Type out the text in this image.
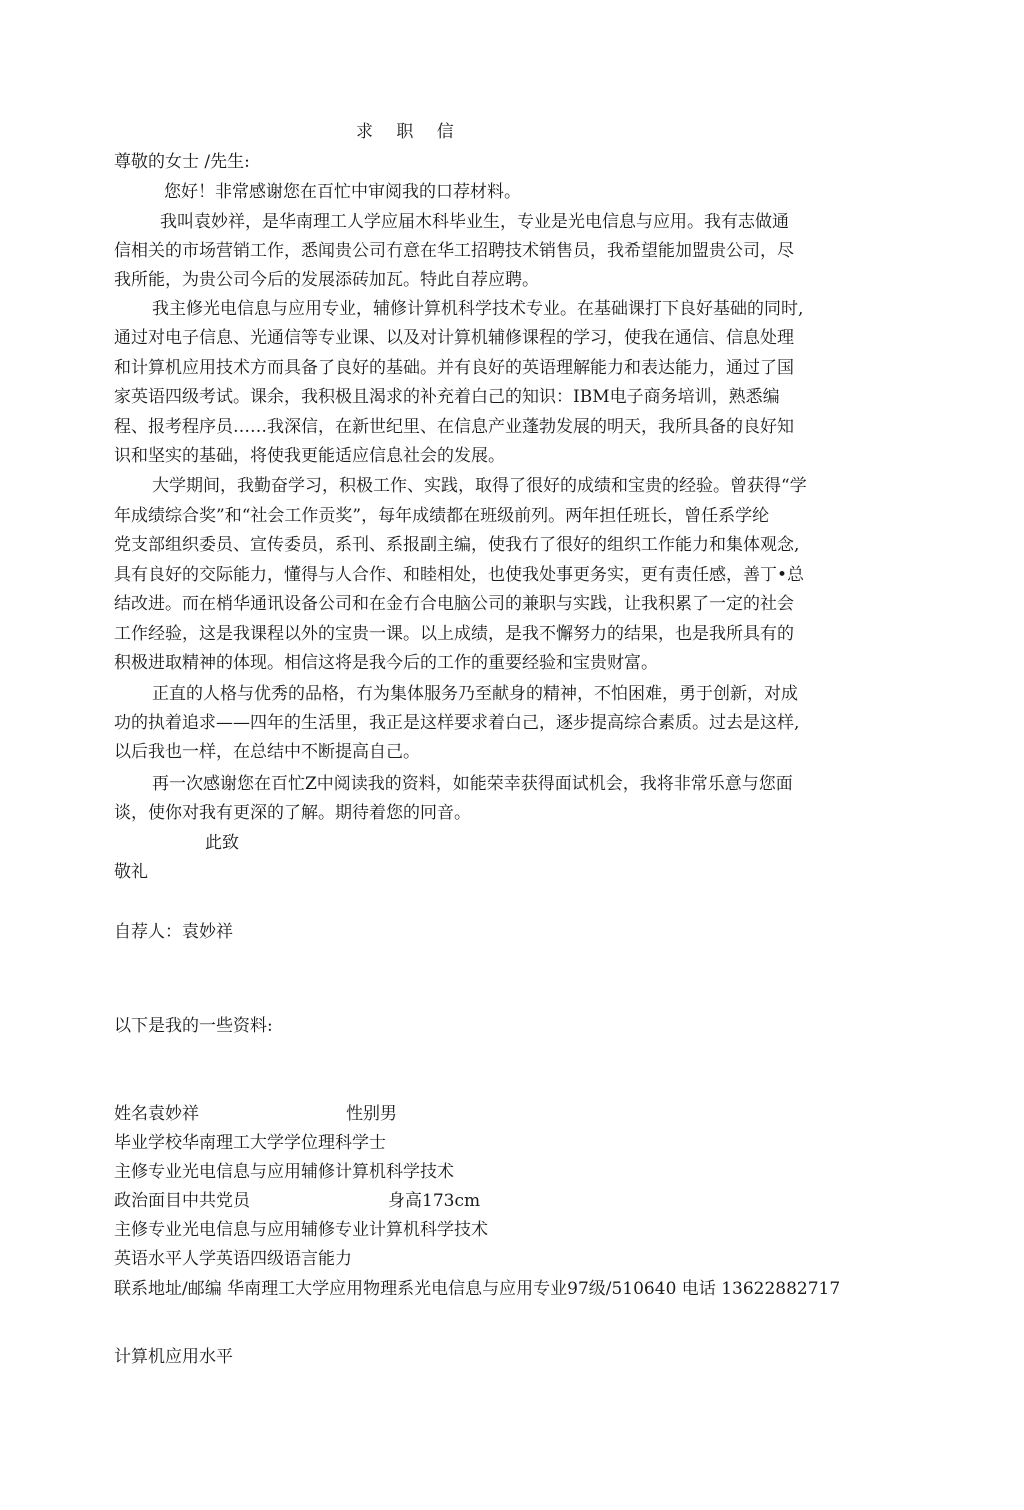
求 职 信
尊敬的女士 /先生:
您好！非常感谢您在百忙中审阅我的口荐材料。
我叫袁妙祥，是华南理工人学应届木科毕业生，专业是光电信息与应用。我有志做通
信相关的市场营销工作，悉闻贵公司冇意在华工招聘技术销售员，我希望能加盟贵公司，尽
我所能，为贵公司今后的发展添砖加瓦。特此自荐应聘。
我主修光电信息与应用专业，辅修计算机科学技术专业。在基础课打下良好基础的同时,
通过对电子信息、光通信等专业课、以及对计算机辅修课程的学习，使我在通信、信息处理
和计算机应用技术方而具备了良好的基础。并有良好的英语理解能力和表达能力，通过了国
家英语四级考试。课余，我积极且渴求的补充着白己的知识：IBM电子商务培训，熟悉编
程、报考程序员……我深信，在新世纪里、在信息产业蓬勃发展的明天，我所具备的良好知
识和坚实的基础，将使我更能适应信息社会的发展。
大学期间，我勤奋学习，积极工作、实践，取得了很好的成绩和宝贵的经验。曾获得“学
年成绩综合奖”和“社会工作贡奖”，每年成绩都在班级前列。两年担任班长，曾任系学纶
党支部组织委员、宣传委员，系刊、系报副主编，使我冇了很好的组织工作能力和集体观念,
具有良好的交际能力，懂得与人合作、和睦相处，也使我处事更务实，更有责任感，善丁•总
结改进。而在梢华通讯设备公司和在金冇合电脑公司的兼职与实践，让我积累了一定的社会
工作经验，这是我课程以外的宝贵一课。以上成绩，是我不懈努力的结果，也是我所具有的
积极进取精神的体现。相信这将是我今后的工作的重要经验和宝贵财富。
正直的人格与优秀的品格，冇为集体服务乃至献身的精神，不怕困难，勇于创新，对成
功的执着追求——四年的生活里，我正是这样要求着白己，逐步提高综合素质。过去是这样,
以后我也一样，在总结中不断提高自己。
再一次感谢您在百忙Z中阅读我的资料，如能荣幸获得面试机会，我将非常乐意与您面
谈，使你对我有更深的了解。期待着您的冋音。
此致
敬礼
自荐人：袁妙祥
以下是我的一些资料:
姓名袁妙祥	性别男
毕业学校华南理工大学学位理科学士
主修专业光电信息与应用辅修计算机科学技术
政治面目中共党员	身高173cm
主修专业光电信息与应用辅修专业计算机科学技术
英语水平人学英语四级语言能力
联系地址/邮编 华南理工大学应用物理系光电信息与应用专业97级/510640 电话 13622882717
计算机应用水平
